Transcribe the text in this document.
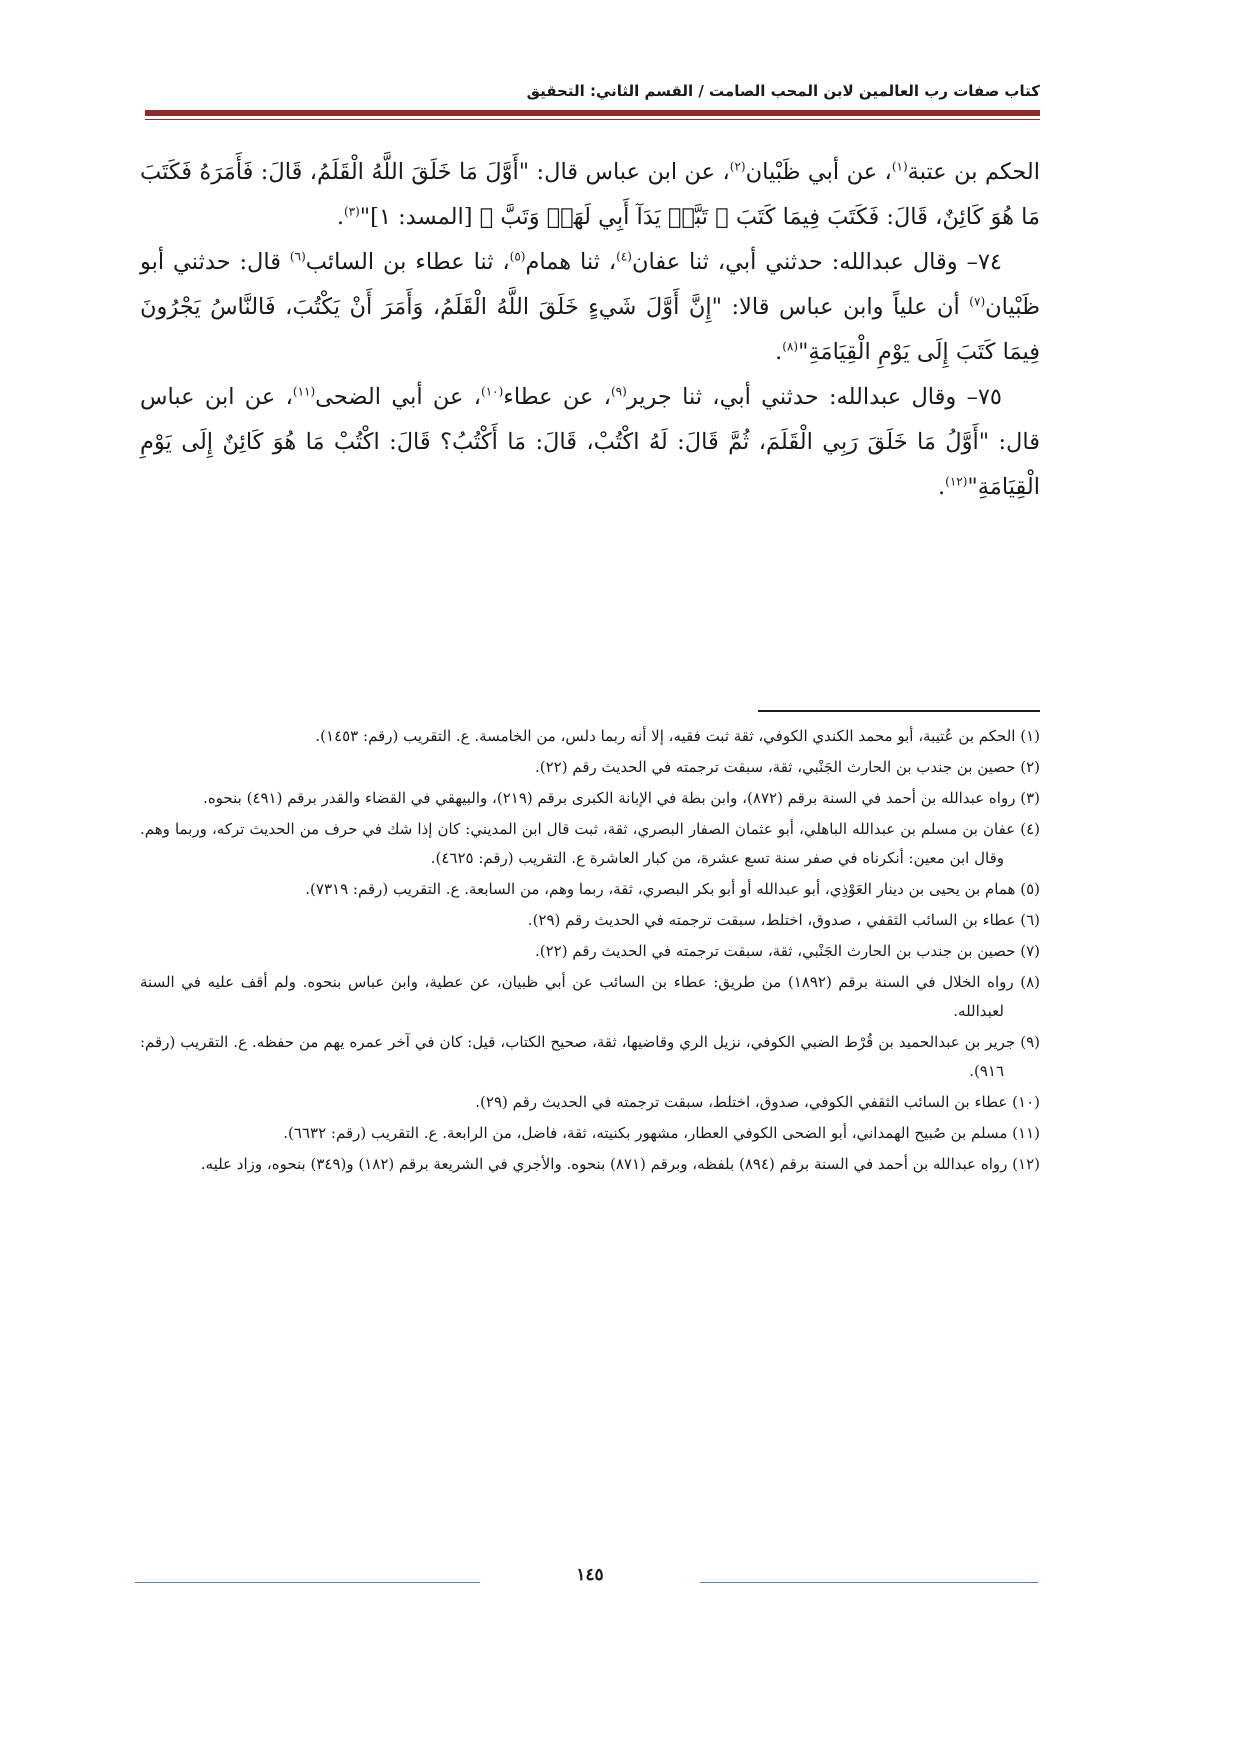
كتاب صفات رب العالمين لابن المحب الصامت / القسم الثاني: التحقيق

الحكم بن عتبة$^{(١)}$، عن أبي ظَبْيان$^{(٢)}$، عن ابن عباس قال: "أَوَّلَ مَا خَلَقَ اللَّهُ الْقَلَمُ، قَالَ: فَأَمَرَهُ فَكَتَبَ مَا هُوَ كَائِنٌ، قَالَ: فَكَتَبَ فِيمَا كَتَبَ ﴿ تَبَّتۡ يَدَآ أَبِي لَهَبٖ وَتَبَّ ﴾ [المسد: ١]"$^{(٣)}$.

٧٤– وقال عبدالله: حدثني أبي، ثنا عفان$^{(٤)}$، ثنا همام$^{(٥)}$، ثنا عطاء بن السائب$^{(٦)}$ قال: حدثني أبو ظَبْيان$^{(٧)}$ أن علياً وابن عباس قالا: "إِنَّ أَوَّلَ شَيءٍ خَلَقَ اللَّهُ الْقَلَمُ، وَأَمَرَ أَنْ يَكْتُبَ، فَالنَّاسُ يَجْرُونَ فِيمَا كَتَبَ إِلَى يَوْمِ الْقِيَامَةِ"$^{(٨)}$.

٧٥– وقال عبدالله: حدثني أبي، ثنا جرير$^{(٩)}$، عن عطاء$^{(١٠)}$، عن أبي الضحى$^{(١١)}$، عن ابن عباس قال: "أَوَّلُ مَا خَلَقَ رَبِي الْقَلَمَ، ثُمَّ قَالَ: لَهُ اكْتُبْ، قَالَ: مَا أَكْتُبُ؟ قَالَ: اكْتُبْ مَا هُوَ كَائِنٌ إِلَى يَوْمِ الْقِيَامَةِ"$^{(١٢)}$.

(١) الحكم بن عُتيبة، أبو محمد الكندي الكوفي، ثقة ثبت فقيه، إلا أنه ربما دلس، من الخامسة. ع. التقريب (رقم: ١٤٥٣).

(٢) حصين بن جندب بن الحارث الجَنْبي، ثقة، سبقت ترجمته في الحديث رقم (٢٢).

(٣) رواه عبدالله بن أحمد في السنة برقم (٨٧٢)، وابن بطة في الإبانة الكبرى برقم (٢١٩)، والبيهقي في القضاء والقدر برقم (٤٩١) بنحوه.

(٤) عفان بن مسلم بن عبدالله الباهلي، أبو عثمان الصفار البصري، ثقة، ثبت قال ابن المديني: كان إذا شك في حرف من الحديث تركه، وربما وهم. وقال ابن معين: أنكرناه في صفر سنة تسع عشرة، من كبار العاشرة ع. التقريب (رقم: ٤٦٢٥).

(٥) همام بن يحيى بن دينار العَوْذِي، أبو عبدالله أو أبو بكر البصري، ثقة، ربما وهم، من السابعة. ع. التقريب (رقم: ٧٣١٩).

(٦) عطاء بن السائب الثقفي ، صدوق، اختلط، سبقت ترجمته في الحديث رقم (٢٩).

(٧) حصين بن جندب بن الحارث الجَنْبي، ثقة، سبقت ترجمته في الحديث رقم (٢٢).

(٨) رواه الخلال في السنة برقم (١٨٩٢) من طريق: عطاء بن السائب عن أبي ظبيان، عن عطية، وابن عباس بنحوه. ولم أقف عليه في السنة لعبدالله.

(٩) جرير بن عبدالحميد بن قُرْط الضبي الكوفي، نزيل الري وقاضيها، ثقة، صحيح الكتاب، قيل: كان في آخر عمره يهم من حفظه. ع. التقريب (رقم: ٩١٦).

(١٠) عطاء بن السائب الثقفي الكوفي، صدوق، اختلط، سبقت ترجمته في الحديث رقم (٢٩).

(١١) مسلم بن صُبيح الهمداني، أبو الضحى الكوفي العطار، مشهور بكنيته، ثقة، فاضل، من الرابعة. ع. التقريب (رقم: ٦٦٣٢).

(١٢) رواه عبدالله بن أحمد في السنة برقم (٨٩٤) بلفظه، وبرقم (٨٧١) بنحوه. والأجري في الشريعة برقم (١٨٢) و(٣٤٩) بنحوه، وزاد عليه.

١٤٥
